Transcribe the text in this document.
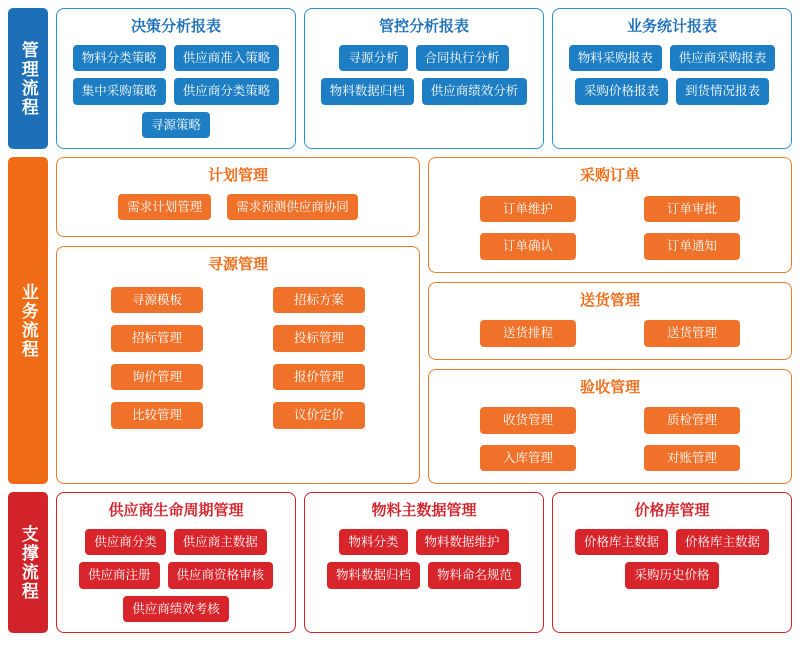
管理流程
决策分析报表
物料分类策略	供应商准入策略
集中采购策略	供应商分类策略
寻源策略
管控分析报表
寻源分析	合同执行分析
物料数据归档	供应商绩效分析
业务统计报表
物料采购报表	供应商采购报表
采购价格报表	到货情况报表
业务流程
计划管理
需求计划管理	需求预测供应商协同
寻源管理
寻源模板	招标方案
招标管理	投标管理
询价管理	报价管理
比较管理	议价定价
采购订单
订单维护	订单审批
订单确认	订单通知
送货管理
送货排程	送货管理
验收管理
收货管理	质检管理
入库管理	对账管理
支撑流程
供应商生命周期管理
供应商分类	供应商主数据
供应商注册	供应商资格审核
供应商绩效考核
物料主数据管理
物料分类	物料数据维护
物料数据归档	物料命名规范
价格库管理
价格库主数据	价格库主数据
采购历史价格
